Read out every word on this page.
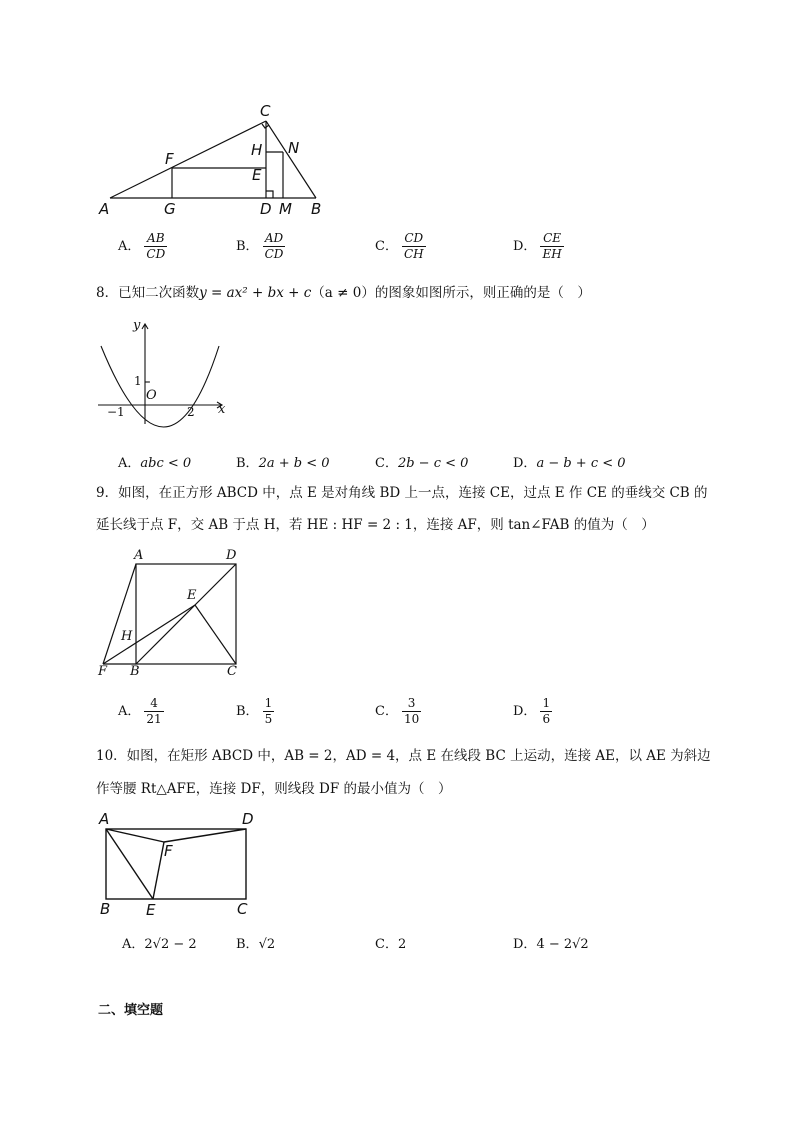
C
F	H N
E
A	G	D M B
A． $\frac{AB}{CD}$	B． $\frac{AD}{CD}$	C． $\frac{CD}{CH}$	D． $\frac{CE}{EH}$
8．已知二次函数y = ax² + bx + c（a ≠ 0）的图象如图所示，则正确的是（　）
y
x
O
1
−1	2
A．abc < 0	B．2a + b < 0	C．2b − c < 0	D．a − b + c < 0
9．如图，在正方形 ABCD 中，点 E 是对角线 BD 上一点，连接 CE，过点 E 作 CE 的垂线交 CB 的
延长线于点 F，交 AB 于点 H，若 HE : HF = 2 : 1，连接 AF，则 tan∠FAB 的值为（　）
A	D
E
H
F B	C
A． $\frac{4}{21}$	B． $\frac{1}{5}$	C． $\frac{3}{10}$	D． $\frac{1}{6}$
10．如图，在矩形 ABCD 中，AB = 2，AD = 4，点 E 在线段 BC 上运动，连接 AE，以 AE 为斜边
作等腰 Rt△AFE，连接 DF，则线段 DF 的最小值为（　）
A	D
F
B E	C
A．2√2 − 2	B．√2	C．2	D．4 − 2√2
二、填空题
